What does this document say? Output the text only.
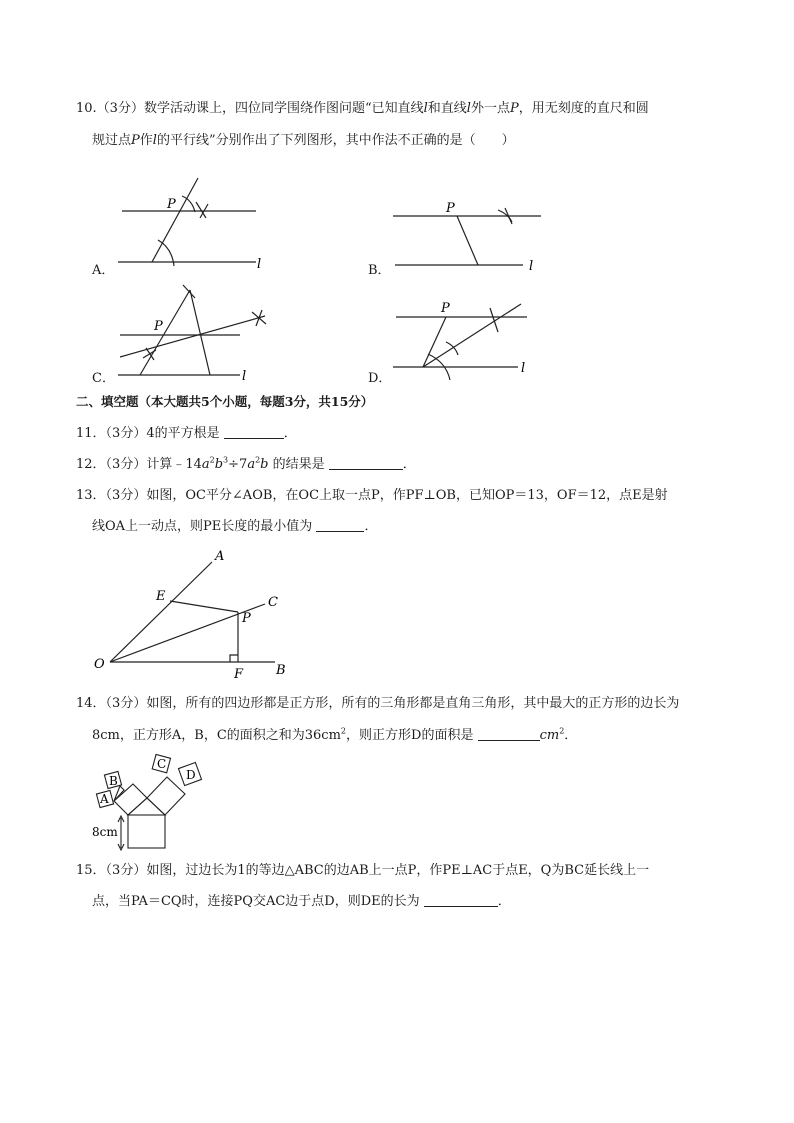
10.（3分）数学活动课上，四位同学围绕作图问题“已知直线l和直线l外一点P，用无刻度的直尺和圆
规过点P作l的平行线”分别作出了下列图形，其中作法不正确的是（　　）
A．	B．
C．	D．
P
l
P
l
P
l
P
l
二、填空题（本大题共5个小题，每题3分，共15分）
11．（3分）4的平方根是	．
12．（3分）计算$﹣14a^2b^3\div 7a^2b$ 的结果是	．
13．（3分）如图，OC平分∠AOB，在OC上取一点P，作PF⊥OB，已知OP＝13，OF＝12，点E是射
线OA上一动点，则PE长度的最小值为	．
A
C
E
P
O
F	B
14．（3分）如图，所有的四边形都是正方形，所有的三角形都是直角三角形，其中最大的正方形的边长为
8cm，正方形A，B，C的面积之和为$36cm^2$，则正方形D的面积是	$cm^2$．
A
B
C
D
8cm
15．（3分）如图，过边长为1的等边△ABC的边AB上一点P，作PE⊥AC于点E，Q为BC延长线上一
点，当PA＝CQ时，连接PQ交AC边于点D，则DE的长为	．
